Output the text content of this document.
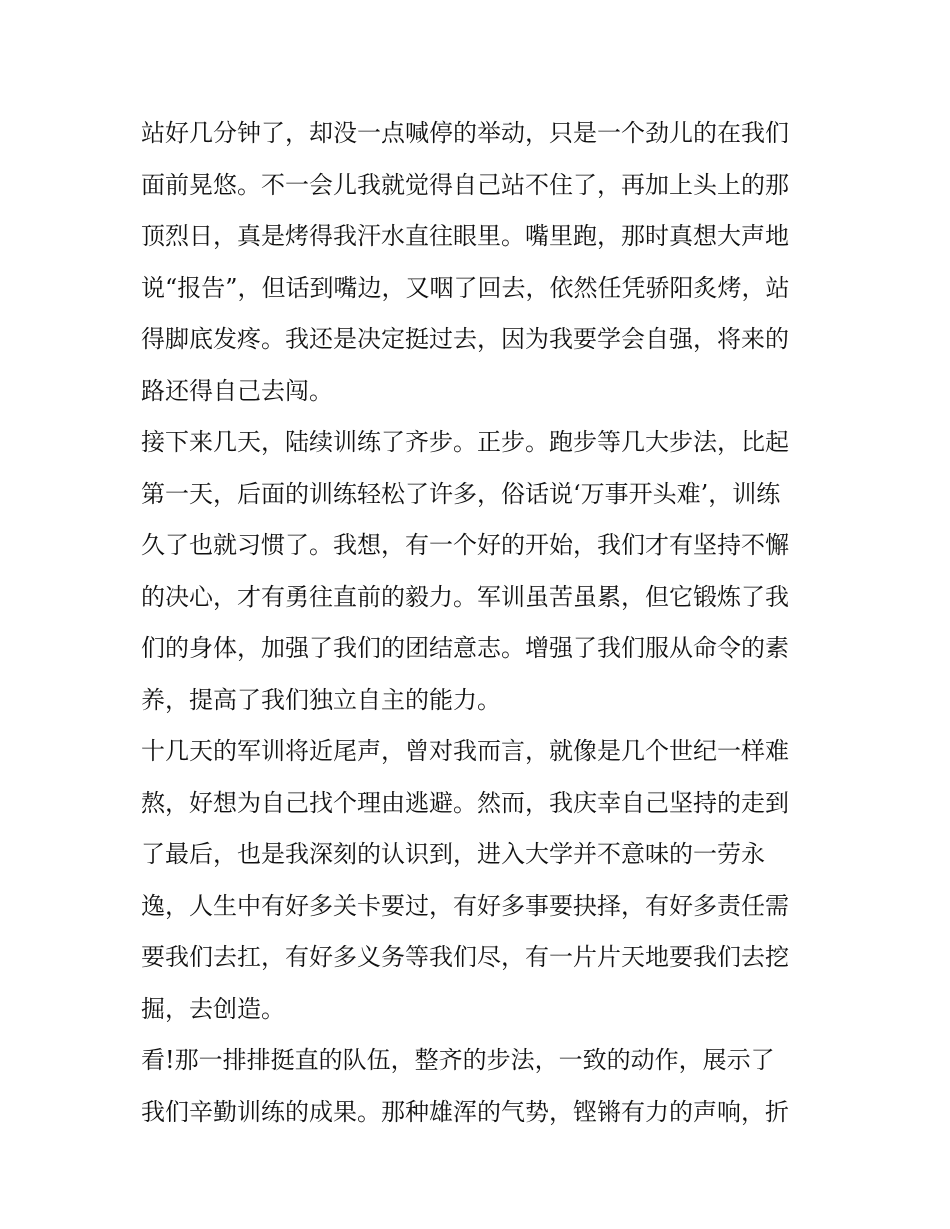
站好几分钟了，却没一点喊停的举动，只是一个劲儿的在我们
面前晃悠。不一会儿我就觉得自己站不住了，再加上头上的那
顶烈日，真是烤得我汗水直往眼里。嘴里跑，那时真想大声地
说“报告”，但话到嘴边，又咽了回去，依然任凭骄阳炙烤，站
得脚底发疼。我还是决定挺过去，因为我要学会自强，将来的
路还得自己去闯。
接下来几天，陆续训练了齐步。正步。跑步等几大步法，比起
第一天，后面的训练轻松了许多，俗话说‘万事开头难’，训练
久了也就习惯了。我想，有一个好的开始，我们才有坚持不懈
的决心，才有勇往直前的毅力。军训虽苦虽累，但它锻炼了我
们的身体，加强了我们的团结意志。增强了我们服从命令的素
养，提高了我们独立自主的能力。
十几天的军训将近尾声，曾对我而言，就像是几个世纪一样难
熬，好想为自己找个理由逃避。然而，我庆幸自己坚持的走到
了最后，也是我深刻的认识到，进入大学并不意味的一劳永
逸，人生中有好多关卡要过，有好多事要抉择，有好多责任需
要我们去扛，有好多义务等我们尽，有一片片天地要我们去挖
掘，去创造。
看!那一排排挺直的队伍，整齐的步法，一致的动作，展示了
我们辛勤训练的成果。那种雄浑的气势，铿锵有力的声响，折
